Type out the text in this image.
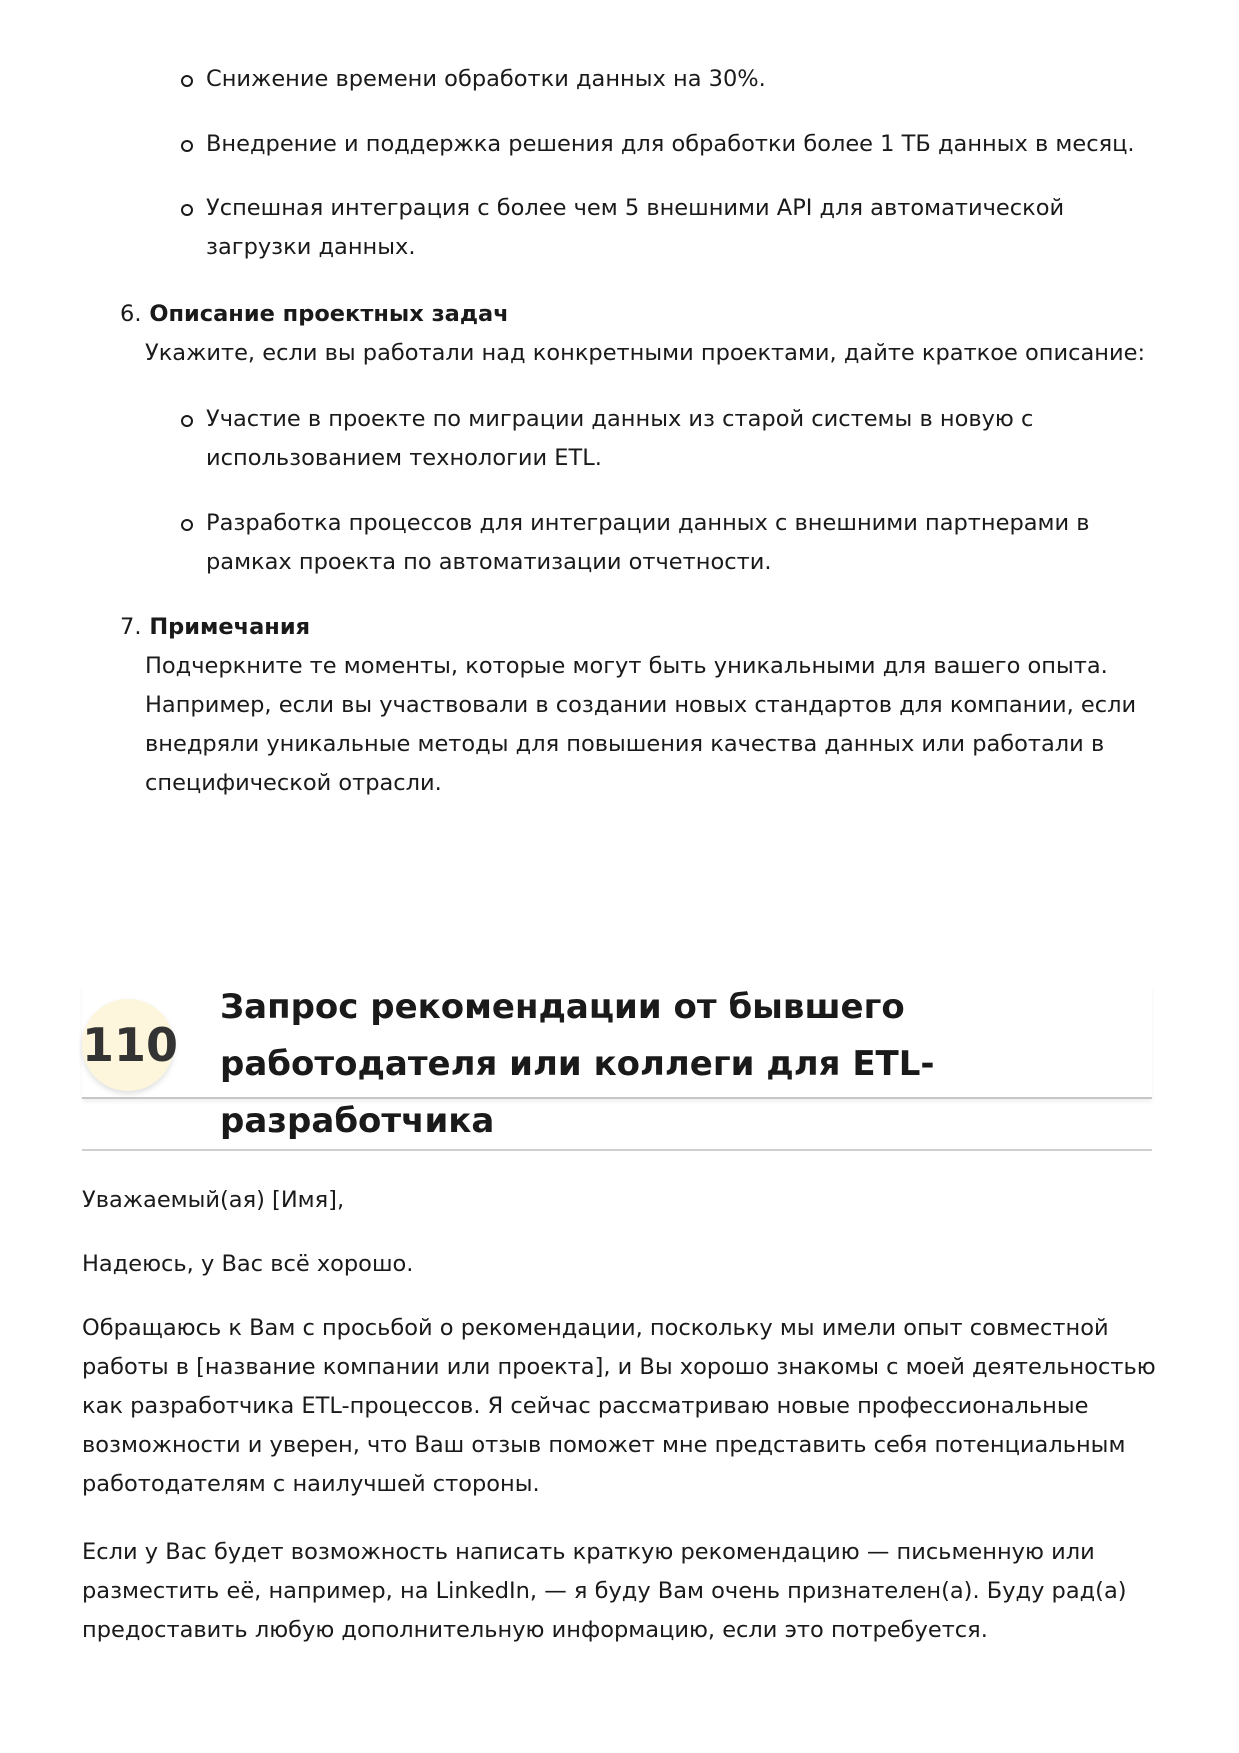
Снижение времени обработки данных на 30%.
Внедрение и поддержка решения для обработки более 1 ТБ данных в месяц.
Успешная интеграция с более чем 5 внешними API для автоматической загрузки данных.
6. Описание проектных задач
Укажите, если вы работали над конкретными проектами, дайте краткое описание:
Участие в проекте по миграции данных из старой системы в новую с использованием технологии ETL.
Разработка процессов для интеграции данных с внешними партнерами в рамках проекта по автоматизации отчетности.
7. Примечания
Подчеркните те моменты, которые могут быть уникальными для вашего опыта. Например, если вы участвовали в создании новых стандартов для компании, если внедряли уникальные методы для повышения качества данных или работали в специфической отрасли.
110
Запрос рекомендации от бывшего работодателя или коллеги для ETL-разработчика

Уважаемый(ая) [Имя],

Надеюсь, у Вас всё хорошо.

Обращаюсь к Вам с просьбой о рекомендации, поскольку мы имели опыт совместной работы в [название компании или проекта], и Вы хорошо знакомы с моей деятельностью как разработчика ETL-процессов. Я сейчас рассматриваю новые профессиональные возможности и уверен, что Ваш отзыв поможет мне представить себя потенциальным работодателям с наилучшей стороны.

Если у Вас будет возможность написать краткую рекомендацию — письменную или разместить её, например, на LinkedIn, — я буду Вам очень признателен(а). Буду рад(а) предоставить любую дополнительную информацию, если это потребуется.
